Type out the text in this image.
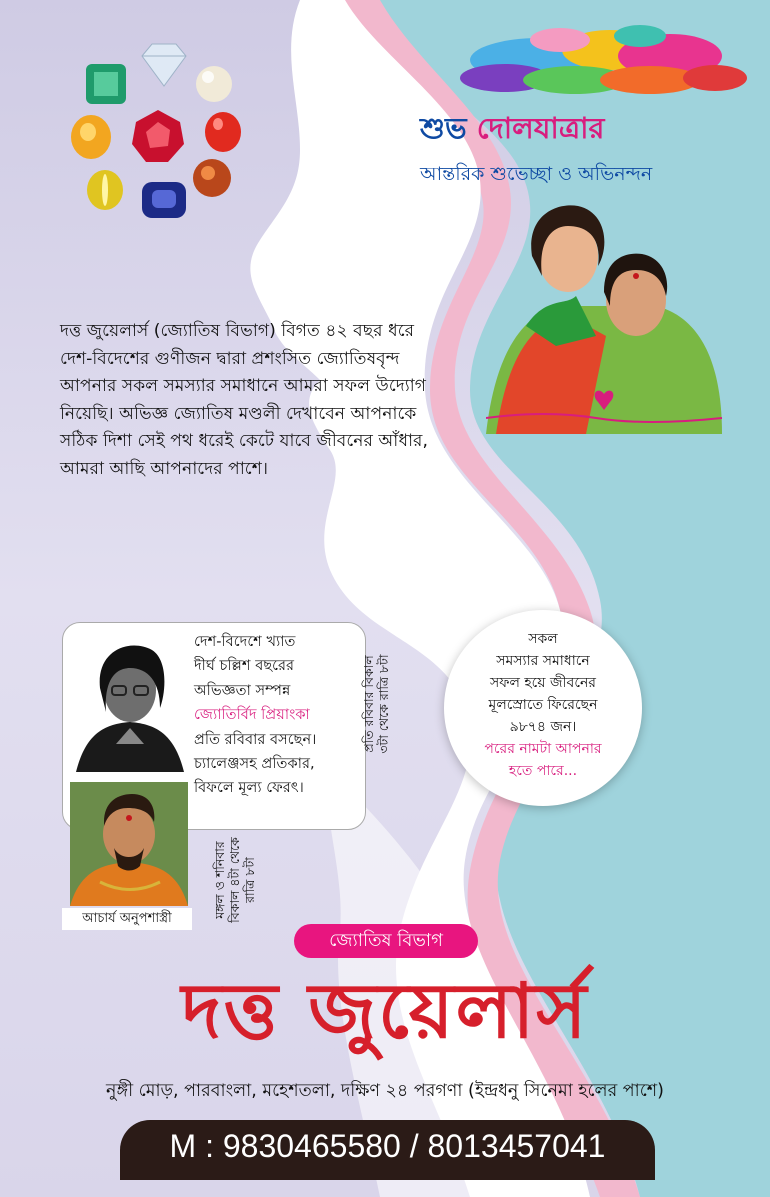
শুভ দোলযাত্রার
আন্তরিক শুভেচ্ছা ও অভিনন্দন
দত্ত জুয়েলার্স (জ্যোতিষ বিভাগ) বিগত ৪২ বছর ধরে দেশ-বিদেশের গুণীজন দ্বারা প্রশংসিত জ্যোতিষবৃন্দ আপনার সকল সমস্যার সমাধানে আমরা সফল উদ্যোগ নিয়েছি। অভিজ্ঞ জ্যোতিষ মণ্ডলী দেখাবেন আপনাকে সঠিক দিশা সেই পথ ধরেই কেটে যাবে জীবনের আঁধার, আমরা আছি আপনাদের পাশে।
দেশ-বিদেশে খ্যাত
দীর্ঘ চল্লিশ বছরের
অভিজ্ঞতা সম্পন্ন
জ্যোতির্বিদ প্রিয়াংকা
প্রতি রবিবার বসছেন।
চ্যালেঞ্জসহ প্রতিকার,
বিফলে মূল্য ফেরৎ।
প্রতি রবিবার বিকাল ৩টা থেকে রাত্রি ৮টা
আচার্য অনুপশাস্ত্রী	মঙ্গল ও শনিবার বিকাল ৪টা থেকে রাত্রি ৮টা
সকল
সমস্যার সমাধানে
সফল হয়ে জীবনের
মূলস্রোতে ফিরেছেন
৯৮৭৪ জন।
পরের নামটা আপনার
হতে পারে...
জ্যোতিষ বিভাগ
দত্ত জুয়েলার্স
নুঙ্গী মোড়, পারবাংলা, মহেশতলা, দক্ষিণ ২৪ পরগণা (ইন্দ্রধনু সিনেমা হলের পাশে)
M : 9830465580 / 8013457041
